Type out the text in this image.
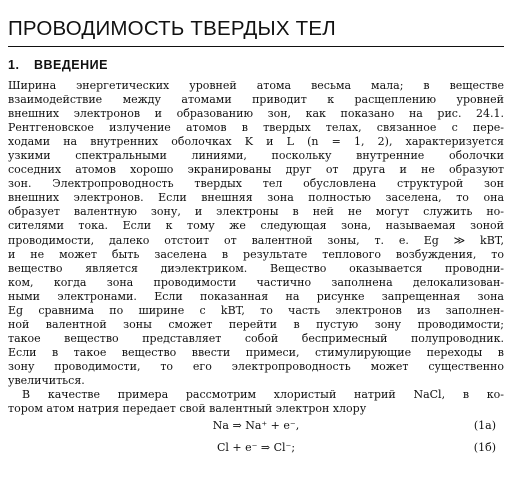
ПРОВОДИМОСТЬ ТВЕРДЫХ ТЕЛ
1. ВВЕДЕНИЕ
Ширина энергетических уровней атома весьма мала; в веществе
взаимодействие между атомами приводит к расщеплению уровней
внешних электронов и образованию зон, как показано на рис. 24.1.
Рентгеновское излучение атомов в твердых телах, связанное с пере-
ходами на внутренних оболочках K и L (n = 1, 2), характеризуется
узкими спектральными линиями, поскольку внутренние оболочки
соседних атомов хорошо экранированы друг от друга и не образуют
зон. Электропроводность твердых тел обусловлена структурой зон
внешних электронов. Если внешняя зона полностью заселена, то она
образует валентную зону, и электроны в ней не могут служить но-
сителями тока. Если к тому же следующая зона, называемая зоной
проводимости, далеко отстоит от валентной зоны, т. е. Eg ≫ kBT,
и не может быть заселена в результате теплового возбуждения, то
вещество является диэлектриком. Вещество оказывается проводни-
ком, когда зона проводимости частично заполнена делокализован-
ными электронами. Если показанная на рисунке запрещенная зона
Eg сравнима по ширине с kBT, то часть электронов из заполнен-
ной валентной зоны сможет перейти в пустую зону проводимости;
такое вещество представляет собой беспримесный полупроводник.
Если в такое вещество ввести примеси, стимулирующие переходы в
зону проводимости, то его электропроводность может существенно
увеличиться.
В качестве примера рассмотрим хлористый натрий NaCl, в ко-
тором атом натрия передает свой валентный электрон хлору
Na ⇒ Na⁺ + e⁻,	(1a)
Cl + e⁻ ⇒ Cl⁻;	(1б)
